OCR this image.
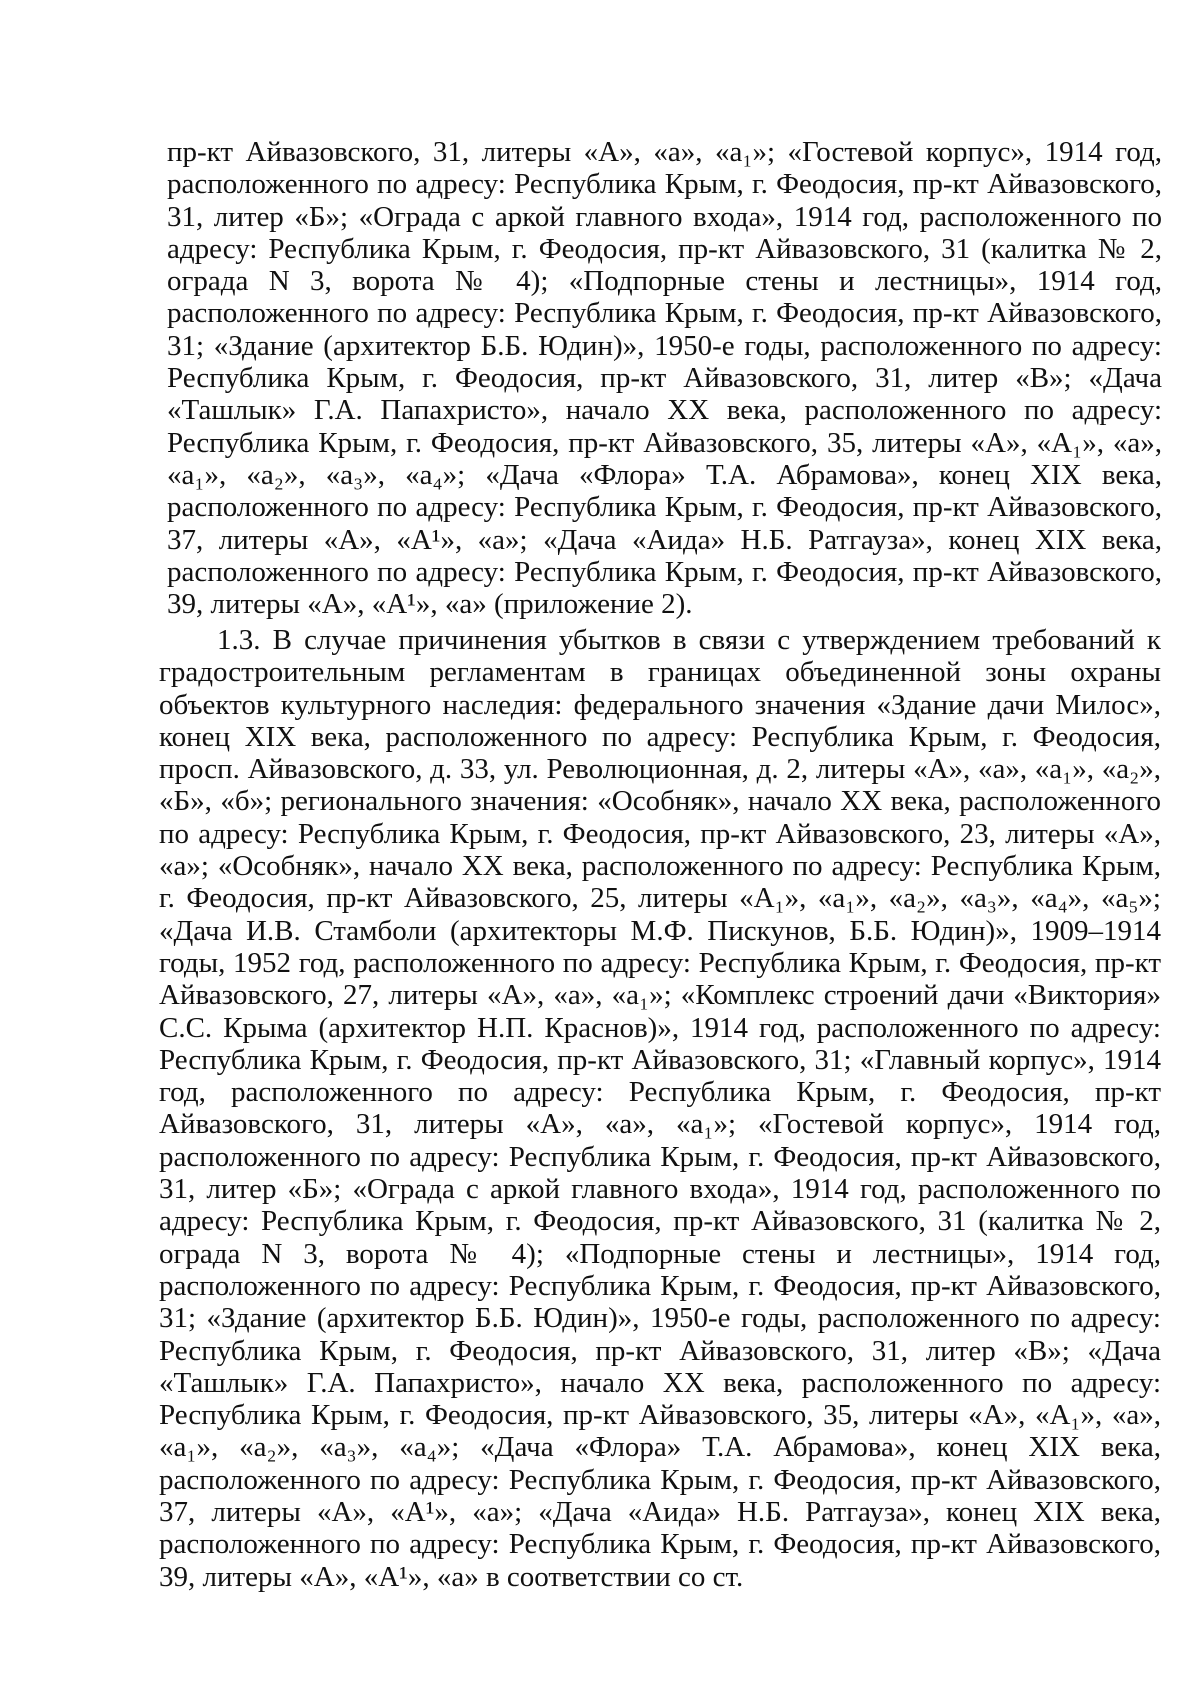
пр-кт Айвазовского, 31, литеры «А», «а», «а₁»; «Гостевой корпус», 1914 год, расположенного по адресу: Республика Крым, г. Феодосия, пр-кт Айвазовского, 31, литер «Б»; «Ограда с аркой главного входа», 1914 год, расположенного по адресу: Республика Крым, г. Феодосия, пр-кт Айвазовского, 31 (калитка № 2, ограда N 3, ворота № 4); «Подпорные стены и лестницы», 1914 год, расположенного по адресу: Республика Крым, г. Феодосия, пр-кт Айвазовского, 31; «Здание (архитектор Б.Б. Юдин)», 1950-е годы, расположенного по адресу: Республика Крым, г. Феодосия, пр-кт Айвазовского, 31, литер «В»; «Дача «Ташлык» Г.А. Папахристо», начало XX века, расположенного по адресу: Республика Крым, г. Феодосия, пр-кт Айвазовского, 35, литеры «А», «А₁», «а», «а₁», «а₂», «а₃», «а₄»; «Дача «Флора» Т.А. Абрамова», конец XIX века, расположенного по адресу: Республика Крым, г. Феодосия, пр-кт Айвазовского, 37, литеры «А», «А¹», «а»; «Дача «Аида» Н.Б. Ратгауза», конец XIX века, расположенного по адресу: Республика Крым, г. Феодосия, пр-кт Айвазовского, 39, литеры «А», «А¹», «а» (приложение 2).

1.3. В случае причинения убытков в связи с утверждением требований к градостроительным регламентам в границах объединенной зоны охраны объектов культурного наследия: федерального значения «Здание дачи Милос», конец XIX века, расположенного по адресу: Республика Крым, г. Феодосия, просп. Айвазовского, д. 33, ул. Революционная, д. 2, литеры «А», «а», «а₁», «а₂», «Б», «б»; регионального значения: «Особняк», начало XX века, расположенного по адресу: Республика Крым, г. Феодосия, пр-кт Айвазовского, 23, литеры «А», «а»; «Особняк», начало XX века, расположенного по адресу: Республика Крым, г. Феодосия, пр-кт Айвазовского, 25, литеры «А₁», «а₁», «а₂», «а₃», «а₄», «а₅»; «Дача И.В. Стамболи (архитекторы М.Ф. Пискунов, Б.Б. Юдин)», 1909–1914 годы, 1952 год, расположенного по адресу: Республика Крым, г. Феодосия, пр-кт Айвазовского, 27, литеры «А», «а», «а₁»; «Комплекс строений дачи «Виктория» С.С. Крыма (архитектор Н.П. Краснов)», 1914 год, расположенного по адресу: Республика Крым, г. Феодосия, пр-кт Айвазовского, 31; «Главный корпус», 1914 год, расположенного по адресу: Республика Крым, г. Феодосия, пр-кт Айвазовского, 31, литеры «А», «а», «а₁»; «Гостевой корпус», 1914 год, расположенного по адресу: Республика Крым, г. Феодосия, пр-кт Айвазовского, 31, литер «Б»; «Ограда с аркой главного входа», 1914 год, расположенного по адресу: Республика Крым, г. Феодосия, пр-кт Айвазовского, 31 (калитка № 2, ограда N 3, ворота № 4); «Подпорные стены и лестницы», 1914 год, расположенного по адресу: Республика Крым, г. Феодосия, пр-кт Айвазовского, 31; «Здание (архитектор Б.Б. Юдин)», 1950-е годы, расположенного по адресу: Республика Крым, г. Феодосия, пр-кт Айвазовского, 31, литер «В»; «Дача «Ташлык» Г.А. Папахристо», начало XX века, расположенного по адресу: Республика Крым, г. Феодосия, пр-кт Айвазовского, 35, литеры «А», «А₁», «а», «а₁», «а₂», «а₃», «а₄»; «Дача «Флора» Т.А. Абрамова», конец XIX века, расположенного по адресу: Республика Крым, г. Феодосия, пр-кт Айвазовского, 37, литеры «А», «А¹», «а»; «Дача «Аида» Н.Б. Ратгауза», конец XIX века, расположенного по адресу: Республика Крым, г. Феодосия, пр-кт Айвазовского, 39, литеры «А», «А¹», «а» в соответствии со ст.
